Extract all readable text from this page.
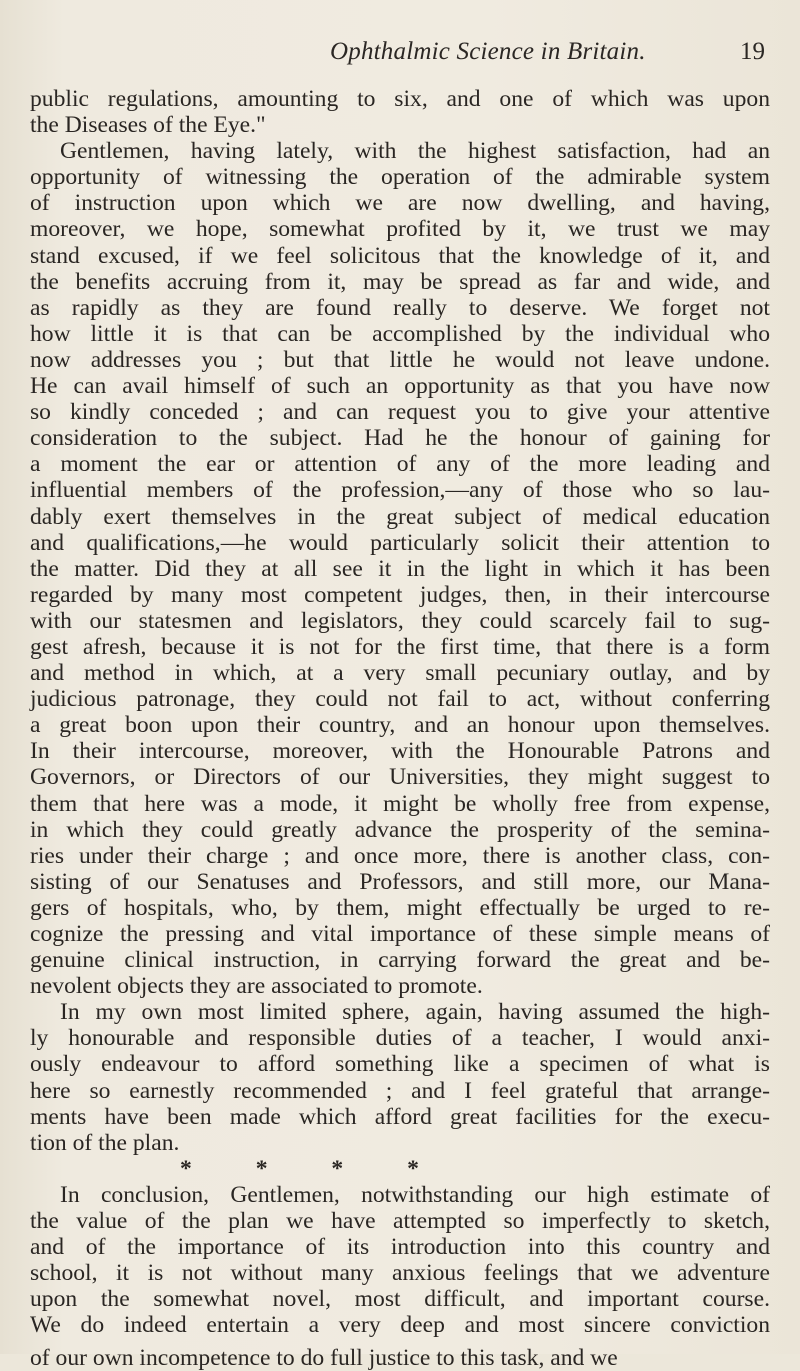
Ophthalmic Science in Britain.	19
public regulations, amounting to six, and one of which was upon
the Diseases of the Eye."
Gentlemen, having lately, with the highest satisfaction, had an
opportunity of witnessing the operation of the admirable system
of instruction upon which we are now dwelling, and having,
moreover, we hope, somewhat profited by it, we trust we may
stand excused, if we feel solicitous that the knowledge of it, and
the benefits accruing from it, may be spread as far and wide, and
as rapidly as they are found really to deserve. We forget not
how little it is that can be accomplished by the individual who
now addresses you ; but that little he would not leave undone.
He can avail himself of such an opportunity as that you have now
so kindly conceded ; and can request you to give your attentive
consideration to the subject. Had he the honour of gaining for
a moment the ear or attention of any of the more leading and
influential members of the profession,—any of those who so lau-
dably exert themselves in the great subject of medical education
and qualifications,—he would particularly solicit their attention to
the matter. Did they at all see it in the light in which it has been
regarded by many most competent judges, then, in their intercourse
with our statesmen and legislators, they could scarcely fail to sug-
gest afresh, because it is not for the first time, that there is a form
and method in which, at a very small pecuniary outlay, and by
judicious patronage, they could not fail to act, without conferring
a great boon upon their country, and an honour upon themselves.
In their intercourse, moreover, with the Honourable Patrons and
Governors, or Directors of our Universities, they might suggest to
them that here was a mode, it might be wholly free from expense,
in which they could greatly advance the prosperity of the semina-
ries under their charge ; and once more, there is another class, con-
sisting of our Senatuses and Professors, and still more, our Mana-
gers of hospitals, who, by them, might effectually be urged to re-
cognize the pressing and vital importance of these simple means of
genuine clinical instruction, in carrying forward the great and be-
nevolent objects they are associated to promote.
In my own most limited sphere, again, having assumed the high-
ly honourable and responsible duties of a teacher, I would anxi-
ously endeavour to afford something like a specimen of what is
here so earnestly recommended ; and I feel grateful that arrange-
ments have been made which afford great facilities for the execu-
tion of the plan.
* * * *
In conclusion, Gentlemen, notwithstanding our high estimate of
the value of the plan we have attempted so imperfectly to sketch,
and of the importance of its introduction into this country and
school, it is not without many anxious feelings that we adventure
upon the somewhat novel, most difficult, and important course.
We do indeed entertain a very deep and most sincere conviction
of our own incompetence to do full justice to this task, and we
